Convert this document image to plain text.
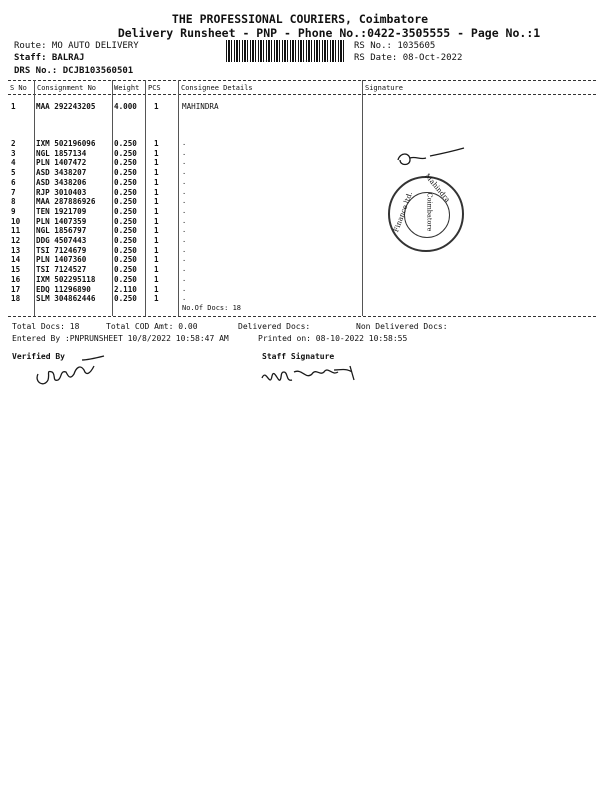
THE PROFESSIONAL COURIERS, Coimbatore
Delivery Runsheet - PNP - Phone No.:0422-3505555 - Page No.:1
Route: MO AUTO DELIVERY
Staff: BALRAJ
DRS No.: DCJB103560501
RS No.: 1035605
RS Date: 08-Oct-2022
S No Consignment No	Weight PCS	Consignee Details	Signature
1	MAA 292243205 4.000 1	MAHINDRA
2	IXM 502196096 0.250 1	.
3	NGL 1857134	0.250 1	.
4	PLN 1407472	0.250 1	.
5	ASD 3438207	0.250 1	.
6	ASD 3438206	0.250 1	.
7	RJP 3010403	0.250 1	.
8	MAA 287886926 0.250 1	.
9	TEN 1921709	0.250 1	.
10 PLN 1407359	0.250 1	.
11 NGL 1856797	0.250 1	.
12 DDG 4507443	0.250 1	.
13 TSI 7124679	0.250 1	.
14 PLN 1407360	0.250 1	.
15 TSI 7124527	0.250 1	.
16 IXM 502295118 0.250 1	.
17 EDQ 11296890	2.110 1	.
18 SLM 304862446 0.250 1	.
No.Of Docs: 18
Total Docs: 18	Total COD Amt: 0.00	Delivered Docs:	Non Delivered Docs:
Entered By :PNPRUNSHEET 10/8/2022 10:58:47 AM	Printed on: 08-10-2022 10:58:55
Verified By	Staff Signature
Mahindra
Finance ltd. Coimbatore
